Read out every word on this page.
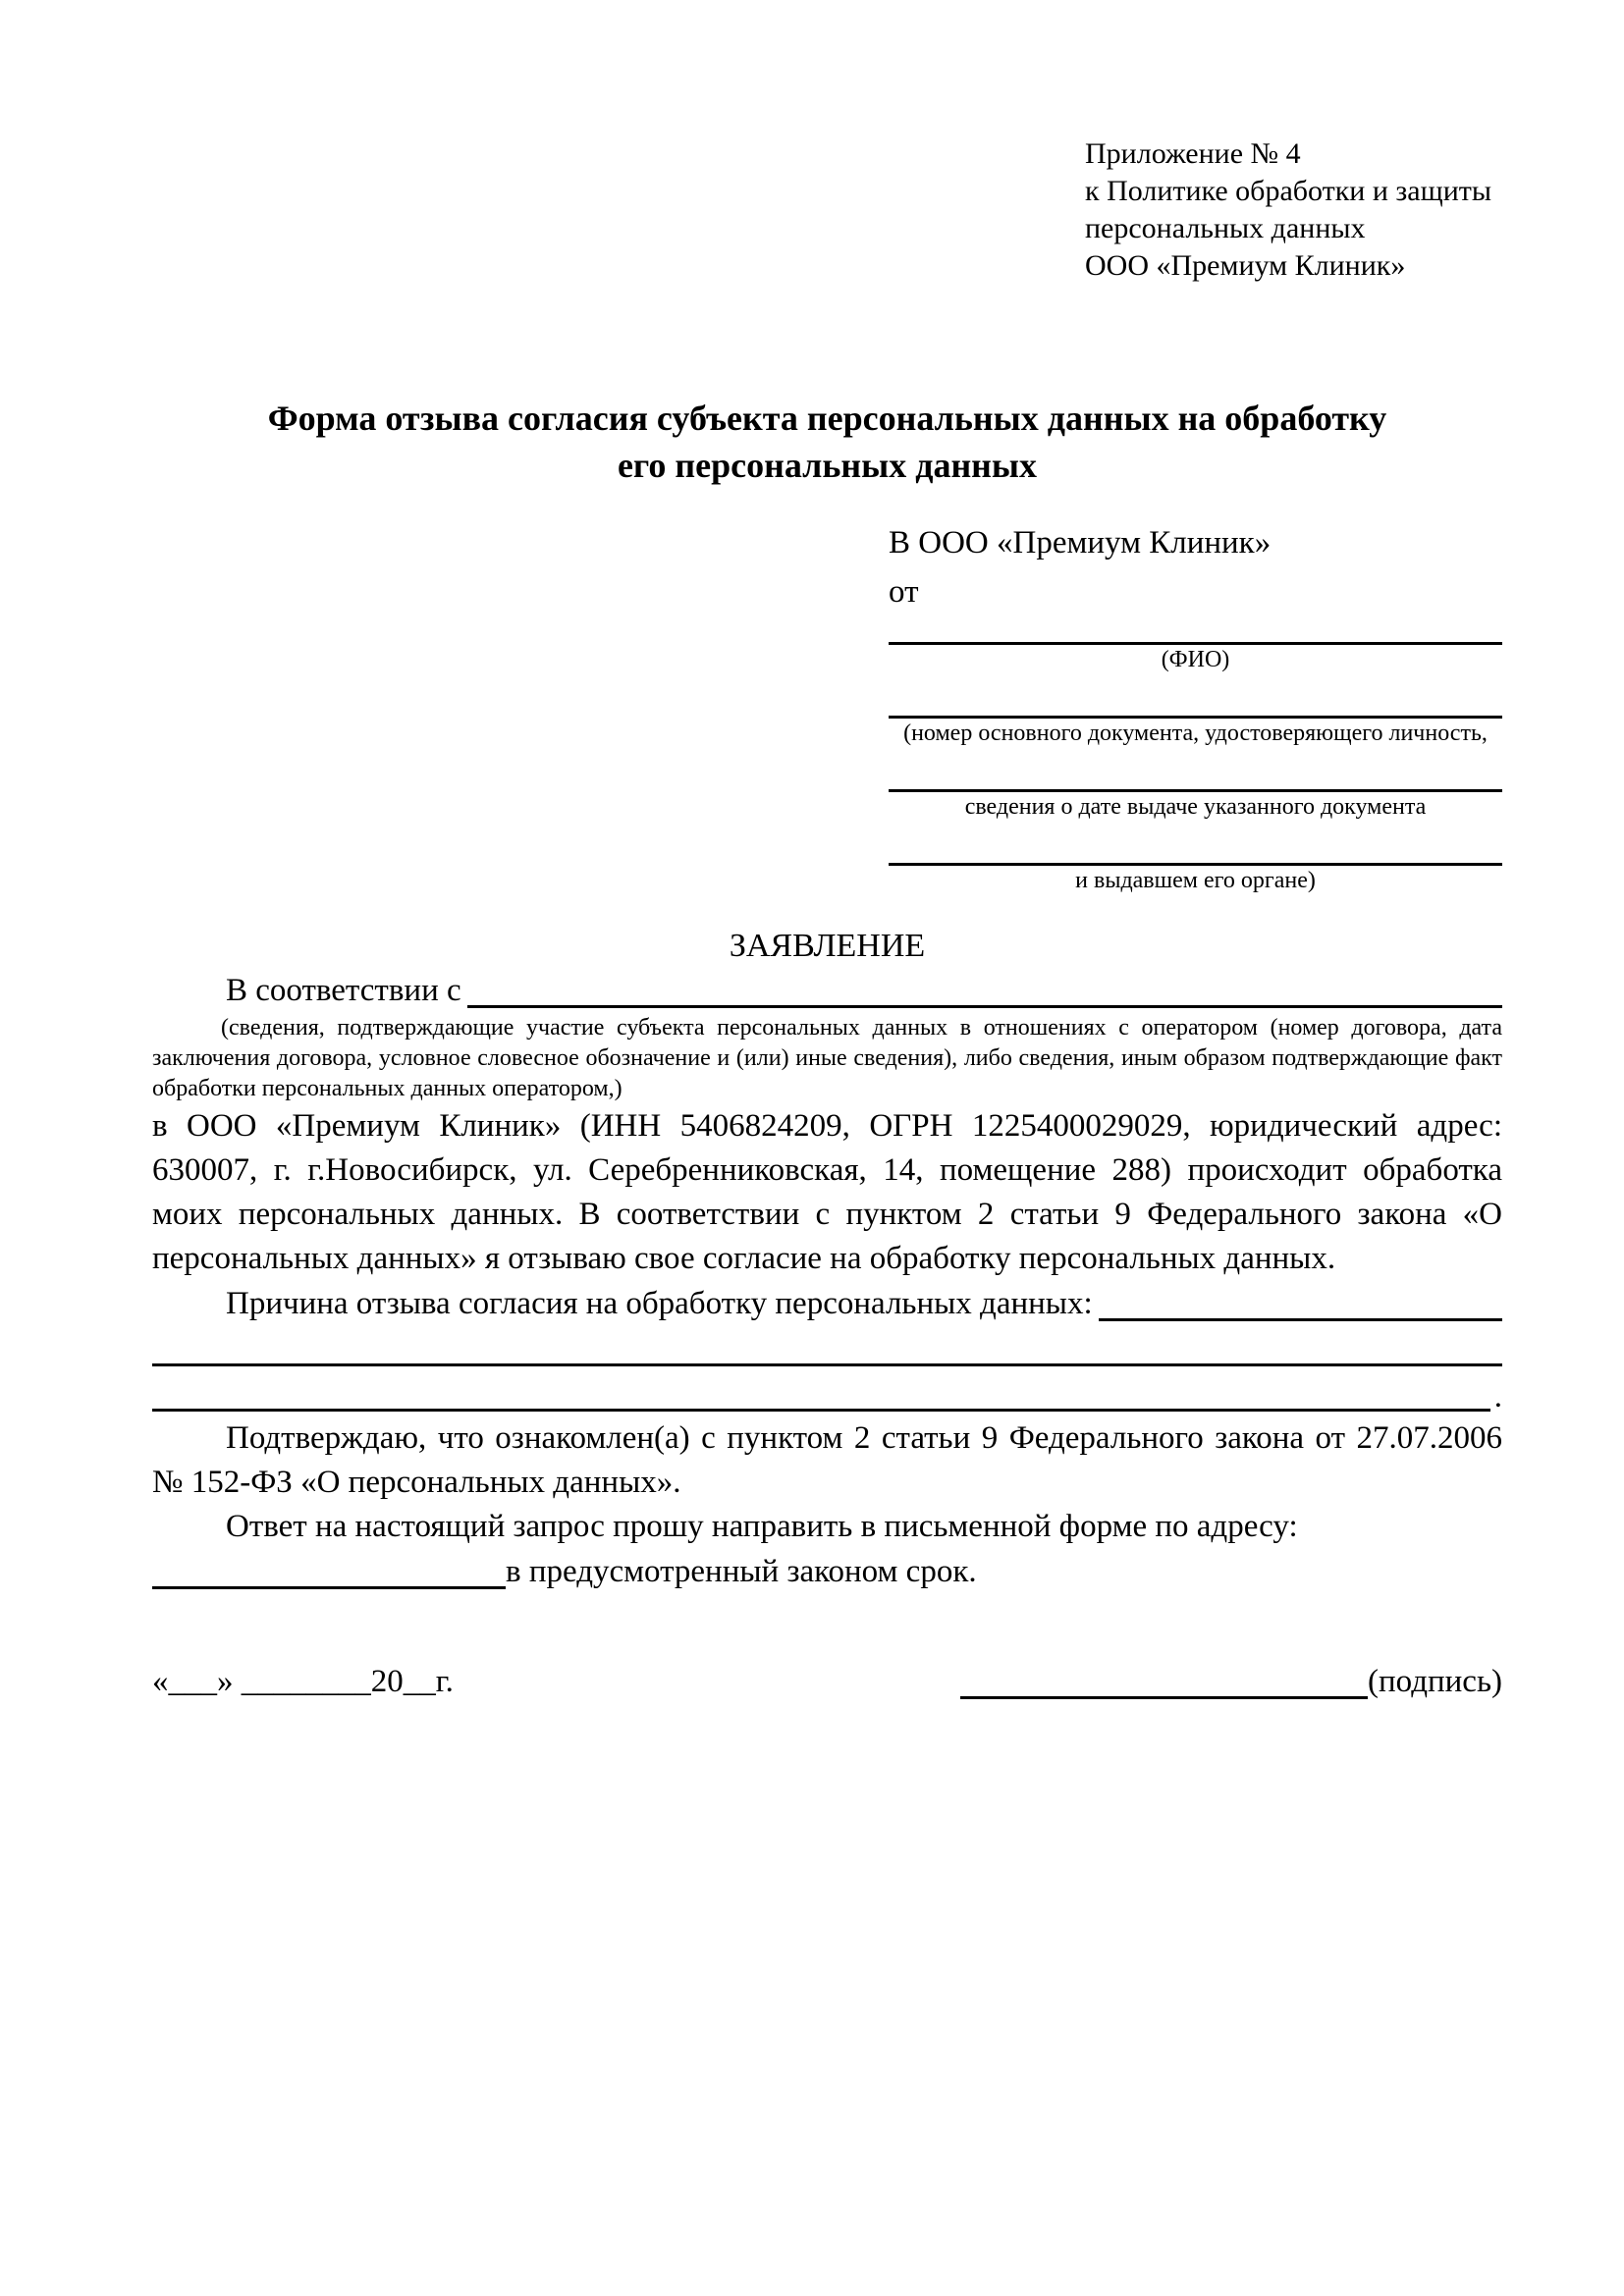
Приложение № 4
к Политике обработки и защиты
персональных данных
ООО «Премиум Клиник»
Форма отзыва согласия субъекта персональных данных на обработку
его персональных данных
В ООО «Премиум Клиник»
от
(ФИО)
(номер основного документа, удостоверяющего личность,
сведения о дате выдаче указанного документа
и выдавшем его органе)
ЗАЯВЛЕНИЕ
В соответствии с
(сведения, подтверждающие участие субъекта персональных данных в отношениях с оператором (номер договора, дата заключения договора, условное словесное обозначение и (или) иные сведения), либо сведения, иным образом подтверждающие факт обработки персональных данных оператором,)
в ООО «Премиум Клиник» (ИНН 5406824209, ОГРН 1225400029029, юридический адрес: 630007, г. г.Новосибирск, ул. Серебренниковская, 14, помещение 288) происходит обработка моих персональных данных. В соответствии с пунктом 2 статьи 9 Федерального закона «О персональных данных» я отзываю свое согласие на обработку персональных данных.
Причина отзыва согласия на обработку персональных данных:
.
Подтверждаю, что ознакомлен(а) с пунктом 2 статьи 9 Федерального закона от 27.07.2006 № 152-ФЗ «О персональных данных».
Ответ на настоящий запрос прошу направить в письменной форме по адресу:
в предусмотренный законом срок.
«___» ________20__г.	(подпись)
